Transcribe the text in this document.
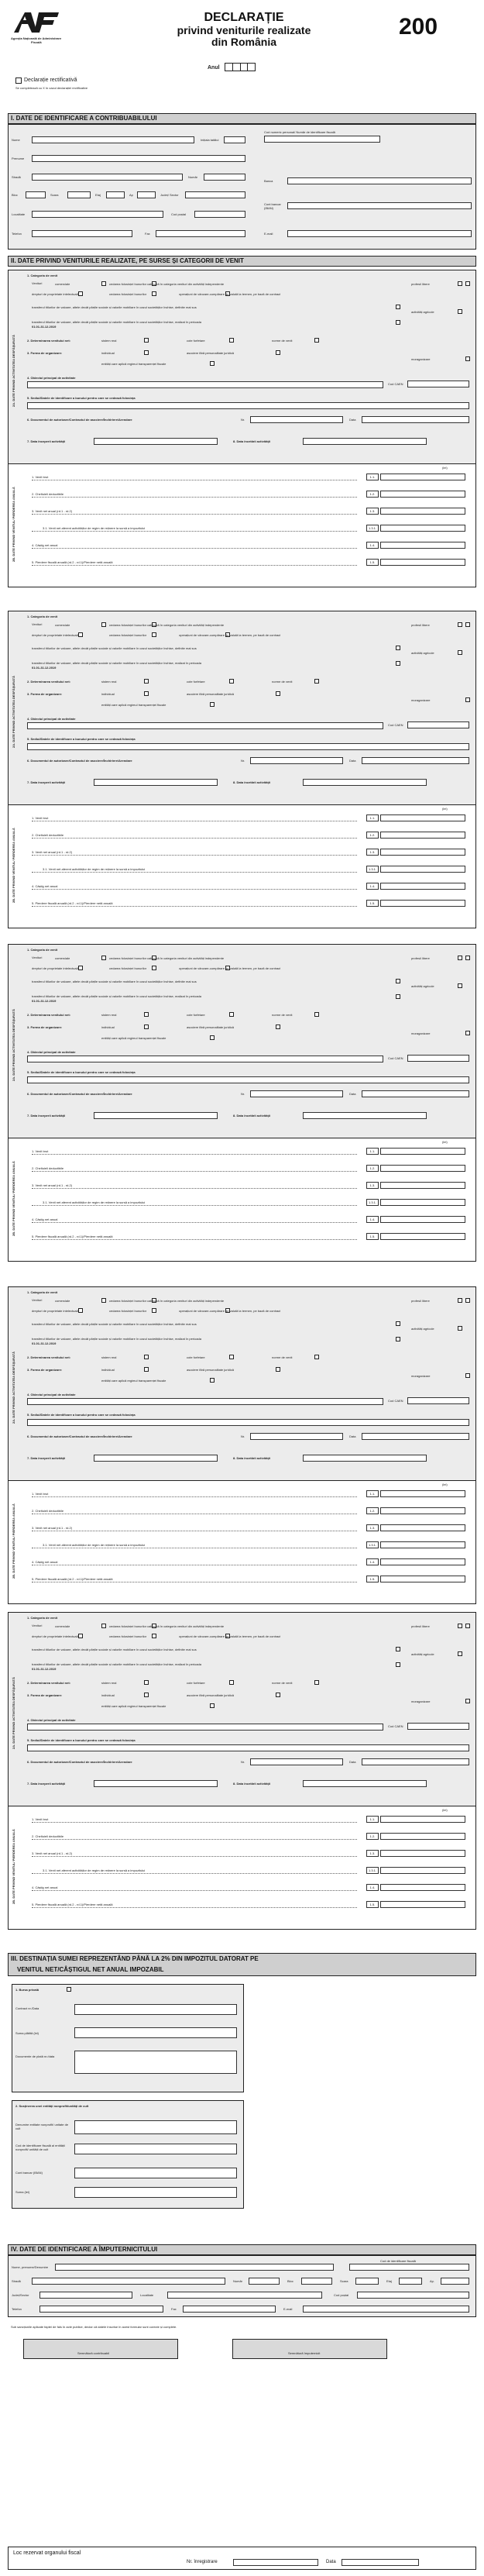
Agenția Națională de Administrare
Fiscală
DECLARAȚIE
privind veniturile realizate
din România
200
Anul
Declarație rectificativă
Se completează cu X în cazul declarației rectificative
I. DATE DE IDENTIFICARE A CONTRIBUABILULUI
Nume	Inițiala tatălui
Cod numeric personal/ Număr de identificare fiscală
Prenume
Stradă	Număr
Banca
Bloc	Scara	Etaj	Ap	Județ/ Sector
Cont bancar (IBAN)
Localitate	Cod poștal
Telefon	Fax	E-mail
II. DATE PRIVIND VENITURILE REALIZATE, PE SURSE ȘI CATEGORII DE VENIT
2A. DATE PRIVIND ACTIVITATEA DESFĂȘURATĂ
1. Categoria de venit
Venituri	comerciale	cedarea folosinței bunurilor calificată în categoria venituri din activități independente	profesii libere
drepturi de proprietate intelectuală	cedarea folosinței bunurilor	operațiuni de vânzare-cumpărare de valută la termen, pe bază de contract
activități agricole
transferul titlurilor de valoare, altele decât părțile sociale și valorile mobiliare în cazul societăților închise, definite mai sus
transferul titlurilor de valoare, altele decât părțile sociale și valorile mobiliare în cazul societăților închise, realizat în perioada
01.01-31.12.2019
2. Determinarea venitului net:	sistem real	cote forfetare	norme de venit
3. Forma de organizare:	individual	asociere fără personalitate juridică
entități care aplică regimul transparenței fiscale
moraganizare
4. Obiectul principal de activitate
Cod CAEN
5. Sediul/Datele de identificare a bunului pentru care se cedează folosința
6. Documentul de autorizare/Contractul de asociere/Închiriere/Arendare	Nr.	Data
7. Data începerii activității	8. Data încetării activității
2B. DATE PRIVIND VENITUL/ PIERDEREA ANUALĂ
(lei)
1. Venit brut	1.1.
2. Cheltuieli deductibile	1.2.
3. Venit net anual (rd.1 - rd.2)	1.3.
3.1. Venit net aferent activităților de regim de reținere la sursă a impozitului	1.3.1.
4. Câștig net anual	1.4.
5. Pierdere fiscală anuală (rd.2 - rd.1)/Pierdere netă anuală	1.5.
2A. DATE PRIVIND ACTIVITATEA DESFĂȘURATĂ
1. Categoria de venit
Venituri	comerciale	cedarea folosinței bunurilor calificată în categoria venituri din activități independente	profesii libere
drepturi de proprietate intelectuală	cedarea folosinței bunurilor	operațiuni de vânzare-cumpărare de valută la termen, pe bază de contract
activități agricole
transferul titlurilor de valoare, altele decât părțile sociale și valorile mobiliare în cazul societăților închise, definite mai sus
transferul titlurilor de valoare, altele decât părțile sociale și valorile mobiliare în cazul societăților închise, realizat în perioada
01.01-31.12.2019
2. Determinarea venitului net:	sistem real	cote forfetare	norme de venit
3. Forma de organizare:	individual	asociere fără personalitate juridică
entități care aplică regimul transparenței fiscale
moraganizare
4. Obiectul principal de activitate
Cod CAEN
5. Sediul/Datele de identificare a bunului pentru care se cedează folosința
6. Documentul de autorizare/Contractul de asociere/Închiriere/Arendare	Nr.	Data
7. Data începerii activității	8. Data încetării activității
2B. DATE PRIVIND VENITUL/ PIERDEREA ANUALĂ
(lei)
1. Venit brut	1.1.
2. Cheltuieli deductibile	1.2.
3. Venit net anual (rd.1 - rd.2)	1.3.
3.1. Venit net aferent activităților de regim de reținere la sursă a impozitului	1.3.1.
4. Câștig net anual	1.4.
5. Pierdere fiscală anuală (rd.2 - rd.1)/Pierdere netă anuală	1.5.
2A. DATE PRIVIND ACTIVITATEA DESFĂȘURATĂ
1. Categoria de venit
Venituri	comerciale	cedarea folosinței bunurilor calificată în categoria venituri din activități independente	profesii libere
drepturi de proprietate intelectuală	cedarea folosinței bunurilor	operațiuni de vânzare-cumpărare de valută la termen, pe bază de contract
activități agricole
transferul titlurilor de valoare, altele decât părțile sociale și valorile mobiliare în cazul societăților închise, definite mai sus
transferul titlurilor de valoare, altele decât părțile sociale și valorile mobiliare în cazul societăților închise, realizat în perioada
01.01-31.12.2019
2. Determinarea venitului net:	sistem real	cote forfetare	norme de venit
3. Forma de organizare:	individual	asociere fără personalitate juridică
entități care aplică regimul transparenței fiscale
moraganizare
4. Obiectul principal de activitate
Cod CAEN
5. Sediul/Datele de identificare a bunului pentru care se cedează folosința
6. Documentul de autorizare/Contractul de asociere/Închiriere/Arendare	Nr.	Data
7. Data începerii activității	8. Data încetării activității
2B. DATE PRIVIND VENITUL/ PIERDEREA ANUALĂ
(lei)
1. Venit brut	1.1.
2. Cheltuieli deductibile	1.2.
3. Venit net anual (rd.1 - rd.2)	1.3.
3.1. Venit net aferent activităților de regim de reținere la sursă a impozitului	1.3.1.
4. Câștig net anual	1.4.
5. Pierdere fiscală anuală (rd.2 - rd.1)/Pierdere netă anuală	1.5.
2A. DATE PRIVIND ACTIVITATEA DESFĂȘURATĂ
1. Categoria de venit
Venituri	comerciale	cedarea folosinței bunurilor calificată în categoria venituri din activități independente	profesii libere
drepturi de proprietate intelectuală	cedarea folosinței bunurilor	operațiuni de vânzare-cumpărare de valută la termen, pe bază de contract
activități agricole
transferul titlurilor de valoare, altele decât părțile sociale și valorile mobiliare în cazul societăților închise, definite mai sus
transferul titlurilor de valoare, altele decât părțile sociale și valorile mobiliare în cazul societăților închise, realizat în perioada
01.01-31.12.2019
2. Determinarea venitului net:	sistem real	cote forfetare	norme de venit
3. Forma de organizare:	individual	asociere fără personalitate juridică
entități care aplică regimul transparenței fiscale
moraganizare
4. Obiectul principal de activitate
Cod CAEN
5. Sediul/Datele de identificare a bunului pentru care se cedează folosința
6. Documentul de autorizare/Contractul de asociere/Închiriere/Arendare	Nr.	Data
7. Data începerii activității	8. Data încetării activității
2B. DATE PRIVIND VENITUL/ PIERDEREA ANUALĂ
(lei)
1. Venit brut	1.1.
2. Cheltuieli deductibile	1.2.
3. Venit net anual (rd.1 - rd.2)	1.3.
3.1. Venit net aferent activităților de regim de reținere la sursă a impozitului	1.3.1.
4. Câștig net anual	1.4.
5. Pierdere fiscală anuală (rd.2 - rd.1)/Pierdere netă anuală	1.5.
2A. DATE PRIVIND ACTIVITATEA DESFĂȘURATĂ
1. Categoria de venit
Venituri	comerciale	cedarea folosinței bunurilor calificată în categoria venituri din activități independente	profesii libere
drepturi de proprietate intelectuală	cedarea folosinței bunurilor	operațiuni de vânzare-cumpărare de valută la termen, pe bază de contract
activități agricole
transferul titlurilor de valoare, altele decât părțile sociale și valorile mobiliare în cazul societăților închise, definite mai sus
transferul titlurilor de valoare, altele decât părțile sociale și valorile mobiliare în cazul societăților închise, realizat în perioada
01.01-31.12.2019
2. Determinarea venitului net:	sistem real	cote forfetare	norme de venit
3. Forma de organizare:	individual	asociere fără personalitate juridică
entități care aplică regimul transparenței fiscale
moraganizare
4. Obiectul principal de activitate
Cod CAEN
5. Sediul/Datele de identificare a bunului pentru care se cedează folosința
6. Documentul de autorizare/Contractul de asociere/Închiriere/Arendare	Nr.	Data
7. Data începerii activității	8. Data încetării activității
2B. DATE PRIVIND VENITUL/ PIERDEREA ANUALĂ
(lei)
1. Venit brut	1.1.
2. Cheltuieli deductibile	1.2.
3. Venit net anual (rd.1 - rd.2)	1.3.
3.1. Venit net aferent activităților de regim de reținere la sursă a impozitului	1.3.1.
4. Câștig net anual	1.4.
5. Pierdere fiscală anuală (rd.2 - rd.1)/Pierdere netă anuală	1.5.
III. DESTINAȚIA SUMEI REPREZENTÂND PÂNĂ LA 2% DIN IMPOZITUL DATORAT PE
VENITUL NET/CÂȘTIGUL NET ANUAL IMPOZABIL
1. Bursa privată
Contract nr./Data
Suma plătită (lei)
Documente de plată nr./data
2. Susținerea unei entități nonprofit/unități de cult
Denumire entitate nonprofit/ unitate de cult
Cod de identificare fiscală al entității nonprofit/ unității de cult
Cont bancar (IBAN)
Suma (lei)
IV. DATE DE IDENTIFICARE A ÎMPUTERNICITULUI
Nume, prenume/Denumire
Cod de identificare fiscală
Stradă	Număr	Bloc	Scara	Etaj	Ap.
Județ/Sector	Localitate	Cod poștal
Telefon	Fax	E-mail
Sub sancțiunile aplicate faptei de fals în acte publice, declar că datele înscrise în acest formular sunt corecte și complete.
Semnătură contribuabil	Semnătură împuternicit
Loc rezervat organului fiscal
Nr. înregistrare	Data
